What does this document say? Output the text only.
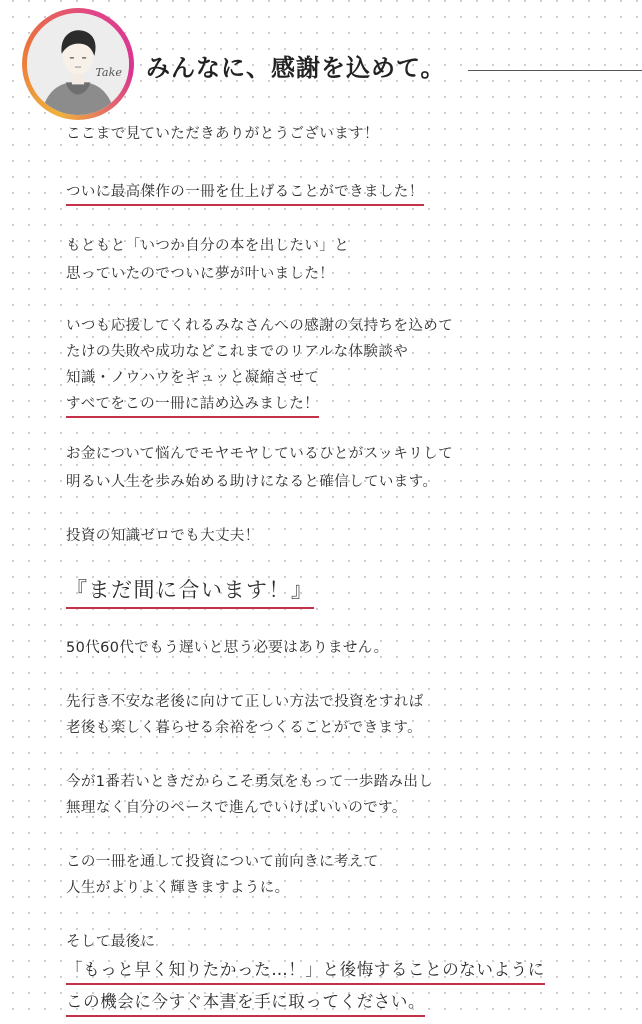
Take みんなに、感謝を込めて。
ここまで見ていただきありがとうございます！
ついに最高傑作の一冊を仕上げることができました！
もともと「いつか自分の本を出したい」と
思っていたのでついに夢が叶いました！
いつも応援してくれるみなさんへの感謝の気持ちを込めて
たけの失敗や成功などこれまでのリアルな体験談や
知識・ノウハウをギュッと凝縮させて
すべてをこの一冊に詰め込みました！
お金について悩んでモヤモヤしているひとがスッキリして
明るい人生を歩み始める助けになると確信しています。
投資の知識ゼロでも大丈夫！
『まだ間に合います！』
50代60代でもう遅いと思う必要はありません。
先行き不安な老後に向けて正しい方法で投資をすれば
老後も楽しく暮らせる余裕をつくることができます。
今が1番若いときだからこそ勇気をもって一歩踏み出し
無理なく自分のペースで進んでいけばいいのです。
この一冊を通して投資について前向きに考えて
人生がよりよく輝きますように。
そして最後に
「もっと早く知りたかった…！」と後悔することのないように
この機会に今すぐ本書を手に取ってください。
